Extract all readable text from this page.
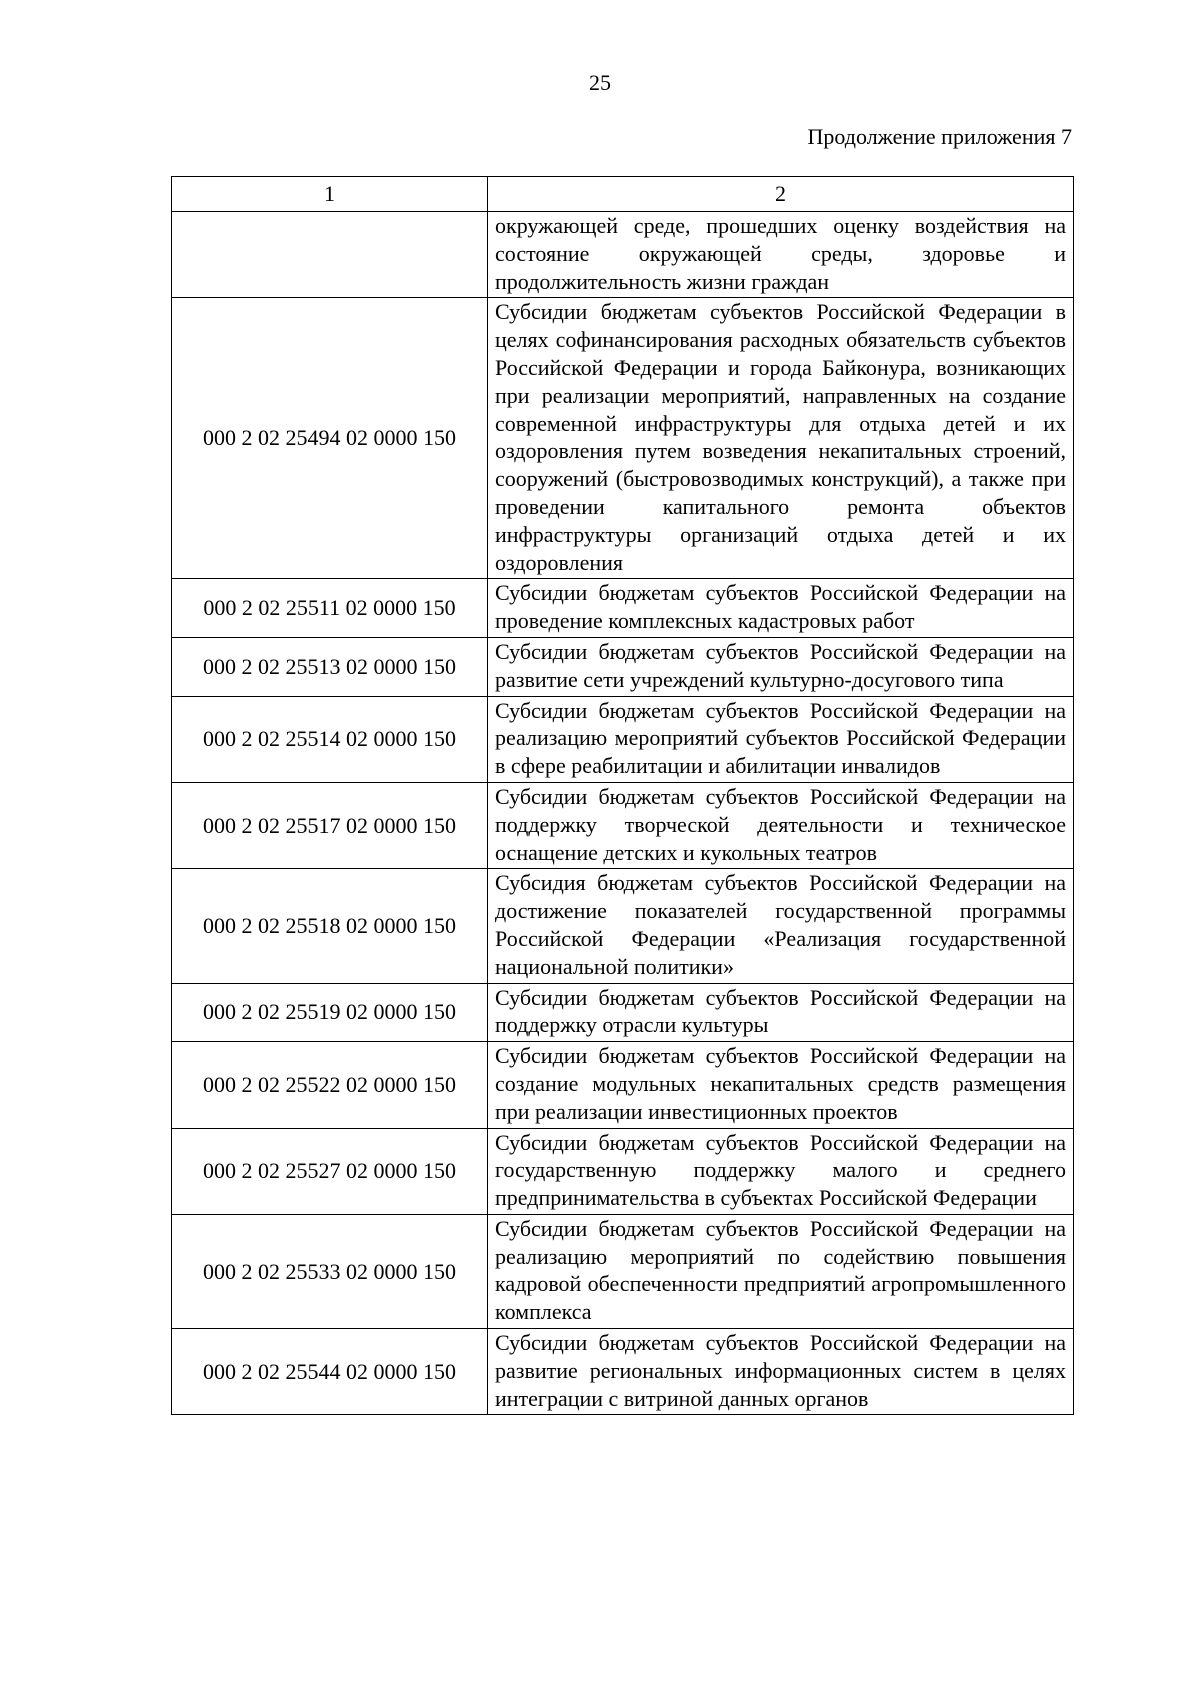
25
Продолжение приложения 7
1	2
	окружающей среде, прошедших оценку воздействия на состояние окружающей среды, здоровье и продолжительность жизни граждан
000 2 02 25494 02 0000 150	Субсидии бюджетам субъектов Российской Федерации в целях софинансирования расходных обязательств субъектов Российской Федерации и города Байконура, возникающих при реализации мероприятий, направленных на создание современной инфраструктуры для отдыха детей и их оздоровления путем возведения некапитальных строений, сооружений (быстровозводимых конструкций), а также при проведении капитального ремонта объектов инфраструктуры организаций отдыха детей и их оздоровления
000 2 02 25511 02 0000 150	Субсидии бюджетам субъектов Российской Федерации на проведение комплексных кадастровых работ
000 2 02 25513 02 0000 150	Субсидии бюджетам субъектов Российской Федерации на развитие сети учреждений культурно-досугового типа
000 2 02 25514 02 0000 150	Субсидии бюджетам субъектов Российской Федерации на реализацию мероприятий субъектов Российской Федерации в сфере реабилитации и абилитации инвалидов
000 2 02 25517 02 0000 150	Субсидии бюджетам субъектов Российской Федерации на поддержку творческой деятельности и техническое оснащение детских и кукольных театров
000 2 02 25518 02 0000 150	Субсидия бюджетам субъектов Российской Федерации на достижение показателей государственной программы Российской Федерации «Реализация государственной национальной политики»
000 2 02 25519 02 0000 150	Субсидии бюджетам субъектов Российской Федерации на поддержку отрасли культуры
000 2 02 25522 02 0000 150	Субсидии бюджетам субъектов Российской Федерации на создание модульных некапитальных средств размещения при реализации инвестиционных проектов
000 2 02 25527 02 0000 150	Субсидии бюджетам субъектов Российской Федерации на государственную поддержку малого и среднего предпринимательства в субъектах Российской Федерации
000 2 02 25533 02 0000 150	Субсидии бюджетам субъектов Российской Федерации на реализацию мероприятий по содействию повышения кадровой обеспеченности предприятий агропромышленного комплекса
000 2 02 25544 02 0000 150	Субсидии бюджетам субъектов Российской Федерации на развитие региональных информационных систем в целях интеграции с витриной данных органов
